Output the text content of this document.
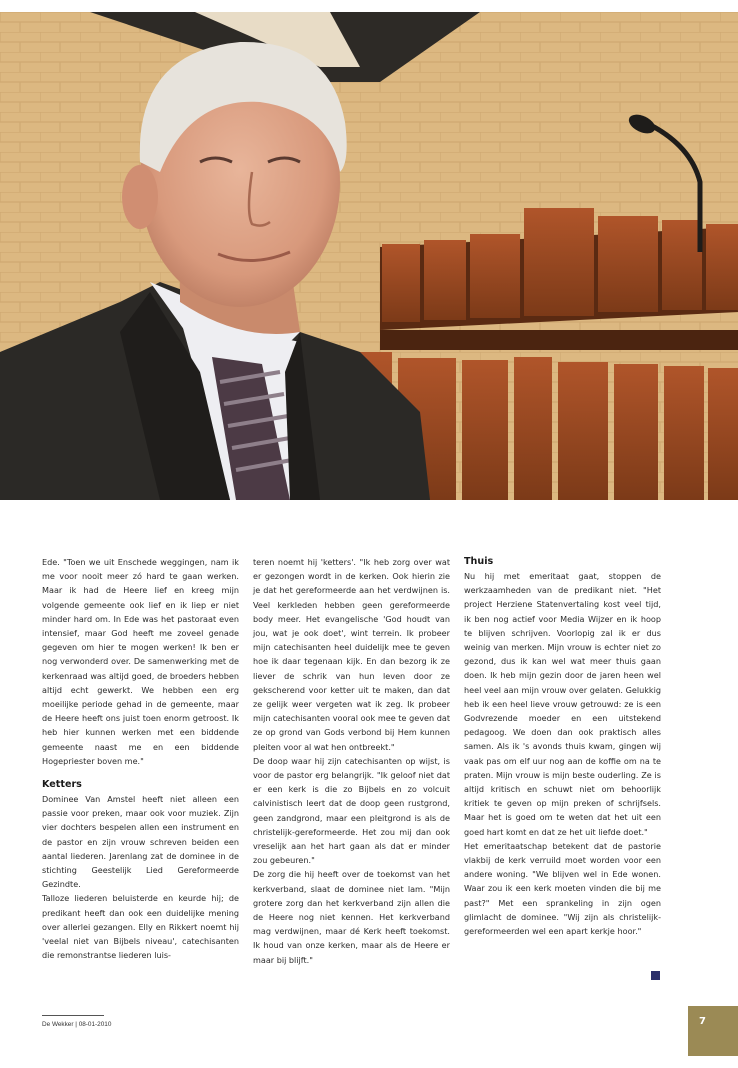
Ede. "Toen we uit Enschede weggingen, nam ik me voor nooit meer zó hard te gaan werken. Maar ik had de Heere lief en kreeg mijn volgende gemeente ook lief en ik liep er niet minder hard om. In Ede was het pastoraat even intensief, maar God heeft me zoveel genade gegeven om hier te mogen werken! Ik ben er nog verwonderd over. De samenwerking met de kerkenraad was altijd goed, de broeders hebben altijd echt gewerkt. We hebben een erg moeilijke periode gehad in de gemeente, maar de Heere heeft ons juist toen enorm getroost. Ik heb hier kunnen werken met een biddende gemeente naast me en een biddende Hogepriester boven me."

Ketters

Dominee Van Amstel heeft niet alleen een passie voor preken, maar ook voor muziek. Zijn vier dochters bespelen allen een instrument en de pastor en zijn vrouw schreven beiden een aantal liederen. Jarenlang zat de dominee in de stichting Geestelijk Lied Gereformeerde Gezindte.

Talloze liederen beluisterde en keurde hij; de predikant heeft dan ook een duidelijke mening over allerlei gezangen. Elly en Rikkert noemt hij 'veelal niet van Bijbels niveau', catechisanten die remonstrantse liederen luis-

teren noemt hij 'ketters'. "Ik heb zorg over wat er gezongen wordt in de kerken. Ook hierin zie je dat het gereformeerde aan het verdwijnen is. Veel kerkleden hebben geen gereformeerde body meer. Het evangelische 'God houdt van jou, wat je ook doet', wint terrein. Ik probeer mijn catechisanten heel duidelijk mee te geven hoe ik daar tegenaan kijk. En dan bezorg ik ze liever de schrik van hun leven door ze gekscherend voor ketter uit te maken, dan dat ze gelijk weer vergeten wat ik zeg. Ik probeer mijn catechisanten vooral ook mee te geven dat ze op grond van Gods verbond bij Hem kunnen pleiten voor al wat hen ontbreekt."

De doop waar hij zijn catechisanten op wijst, is voor de pastor erg belangrijk. "Ik geloof niet dat er een kerk is die zo Bijbels en zo volcuit calvinistisch leert dat de doop geen rustgrond, geen zandgrond, maar een pleitgrond is als de christelijk-gereformeerde. Het zou mij dan ook vreselijk aan het hart gaan als dat er minder zou gebeuren."

De zorg die hij heeft over de toekomst van het kerkverband, slaat de dominee niet lam. "Mijn grotere zorg dan het kerkverband zijn allen die de Heere nog niet kennen. Het kerkverband mag verdwijnen, maar dé Kerk heeft toekomst. Ik houd van onze kerken, maar als de Heere er maar bij blijft."

Thuis

Nu hij met emeritaat gaat, stoppen de werkzaamheden van de predikant niet. "Het project Herziene Statenvertaling kost veel tijd, ik ben nog actief voor Media Wijzer en ik hoop te blijven schrijven. Voorlopig zal ik er dus weinig van merken. Mijn vrouw is echter niet zo gezond, dus ik kan wel wat meer thuis gaan doen. Ik heb mijn gezin door de jaren heen wel heel veel aan mijn vrouw over gelaten. Gelukkig heb ik een heel lieve vrouw getrouwd: ze is een Godvrezende moeder en een uitstekend pedagoog. We doen dan ook praktisch alles samen. Als ik 's avonds thuis kwam, gingen wij vaak pas om elf uur nog aan de koffie om na te praten. Mijn vrouw is mijn beste ouderling. Ze is altijd kritisch en schuwt niet om behoorlijk kritiek te geven op mijn preken of schrijfsels. Maar het is goed om te weten dat het uit een goed hart komt en dat ze het uit liefde doet."

Het emeritaatschap betekent dat de pastorie vlakbij de kerk verruild moet worden voor een andere woning. "We blijven wel in Ede wonen. Waar zou ik een kerk moeten vinden die bij me past?" Met een sprankeling in zijn ogen glimlacht de dominee. "Wij zijn als christelijk-gereformeerden wel een apart kerkje hoor."

De Wekker | 08-01-2010	7
